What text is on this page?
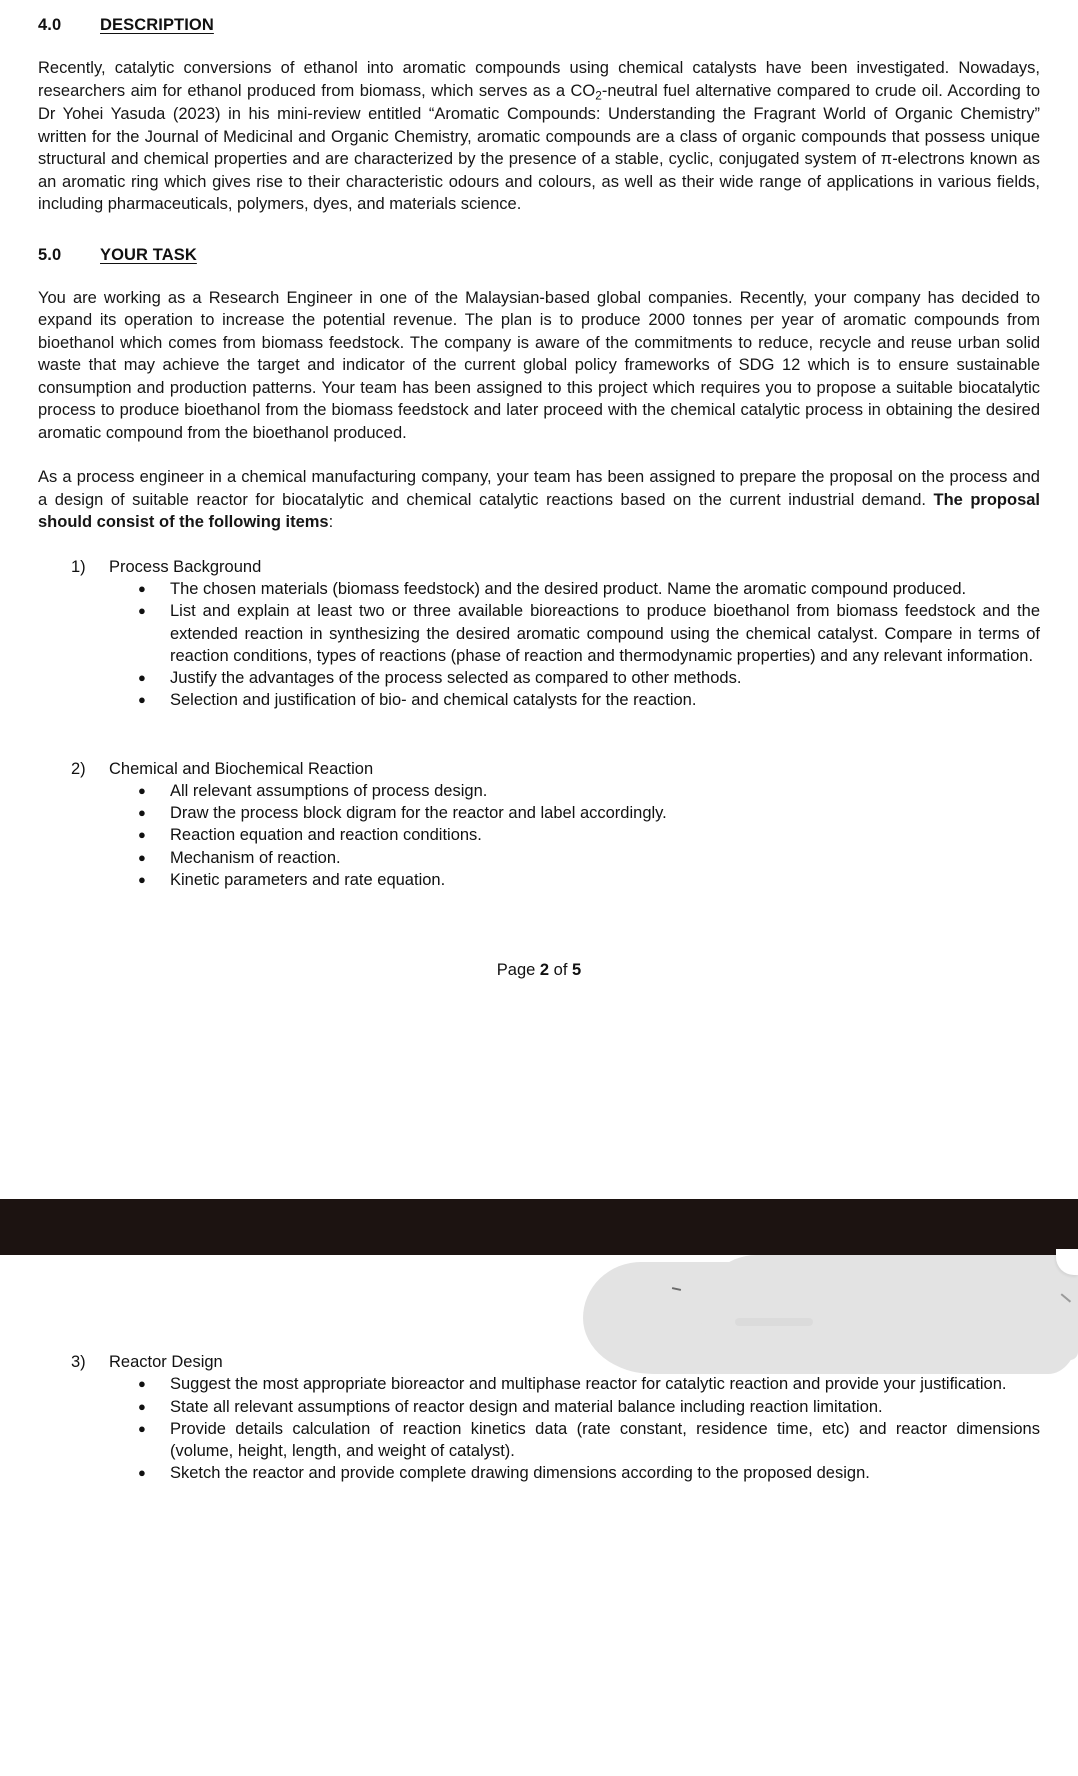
4.0	DESCRIPTION

Recently, catalytic conversions of ethanol into aromatic compounds using chemical catalysts have been investigated. Nowadays, researchers aim for ethanol produced from biomass, which serves as a $CO_2$-neutral fuel alternative compared to crude oil. According to Dr Yohei Yasuda (2023) in his mini-review entitled “Aromatic Compounds: Understanding the Fragrant World of Organic Chemistry” written for the Journal of Medicinal and Organic Chemistry, aromatic compounds are a class of organic compounds that possess unique structural and chemical properties and are characterized by the presence of a stable, cyclic, conjugated system of π-electrons known as an aromatic ring which gives rise to their characteristic odours and colours, as well as their wide range of applications in various fields, including pharmaceuticals, polymers, dyes, and materials science.

5.0	YOUR TASK

You are working as a Research Engineer in one of the Malaysian-based global companies. Recently, your company has decided to expand its operation to increase the potential revenue. The plan is to produce 2000 tonnes per year of aromatic compounds from bioethanol which comes from biomass feedstock. The company is aware of the commitments to reduce, recycle and reuse urban solid waste that may achieve the target and indicator of the current global policy frameworks of SDG 12 which is to ensure sustainable consumption and production patterns. Your team has been assigned to this project which requires you to propose a suitable biocatalytic process to produce bioethanol from the biomass feedstock and later proceed with the chemical catalytic process in obtaining the desired aromatic compound from the bioethanol produced.

As a process engineer in a chemical manufacturing company, your team has been assigned to prepare the proposal on the process and a design of suitable reactor for biocatalytic and chemical catalytic reactions based on the current industrial demand. The proposal should consist of the following items:

1)	Process Background
●	The chosen materials (biomass feedstock) and the desired product. Name the aromatic compound produced.
●	List and explain at least two or three available bioreactions to produce bioethanol from biomass feedstock and the extended reaction in synthesizing the desired aromatic compound using the chemical catalyst. Compare in terms of reaction conditions, types of reactions (phase of reaction and thermodynamic properties) and any relevant information.
●	Justify the advantages of the process selected as compared to other methods.
●	Selection and justification of bio- and chemical catalysts for the reaction.
2)	Chemical and Biochemical Reaction
●	All relevant assumptions of process design.
●	Draw the process block digram for the reactor and label accordingly.
●	Reaction equation and reaction conditions.
●	Mechanism of reaction.
●	Kinetic parameters and rate equation.
Page 2 of 5
3)	Reactor Design
●	Suggest the most appropriate bioreactor and multiphase reactor for catalytic reaction and provide your justification.
●	State all relevant assumptions of reactor design and material balance including reaction limitation.
●	Provide details calculation of reaction kinetics data (rate constant, residence time, etc) and reactor dimensions (volume, height, length, and weight of catalyst).
●	Sketch the reactor and provide complete drawing dimensions according to the proposed design.
